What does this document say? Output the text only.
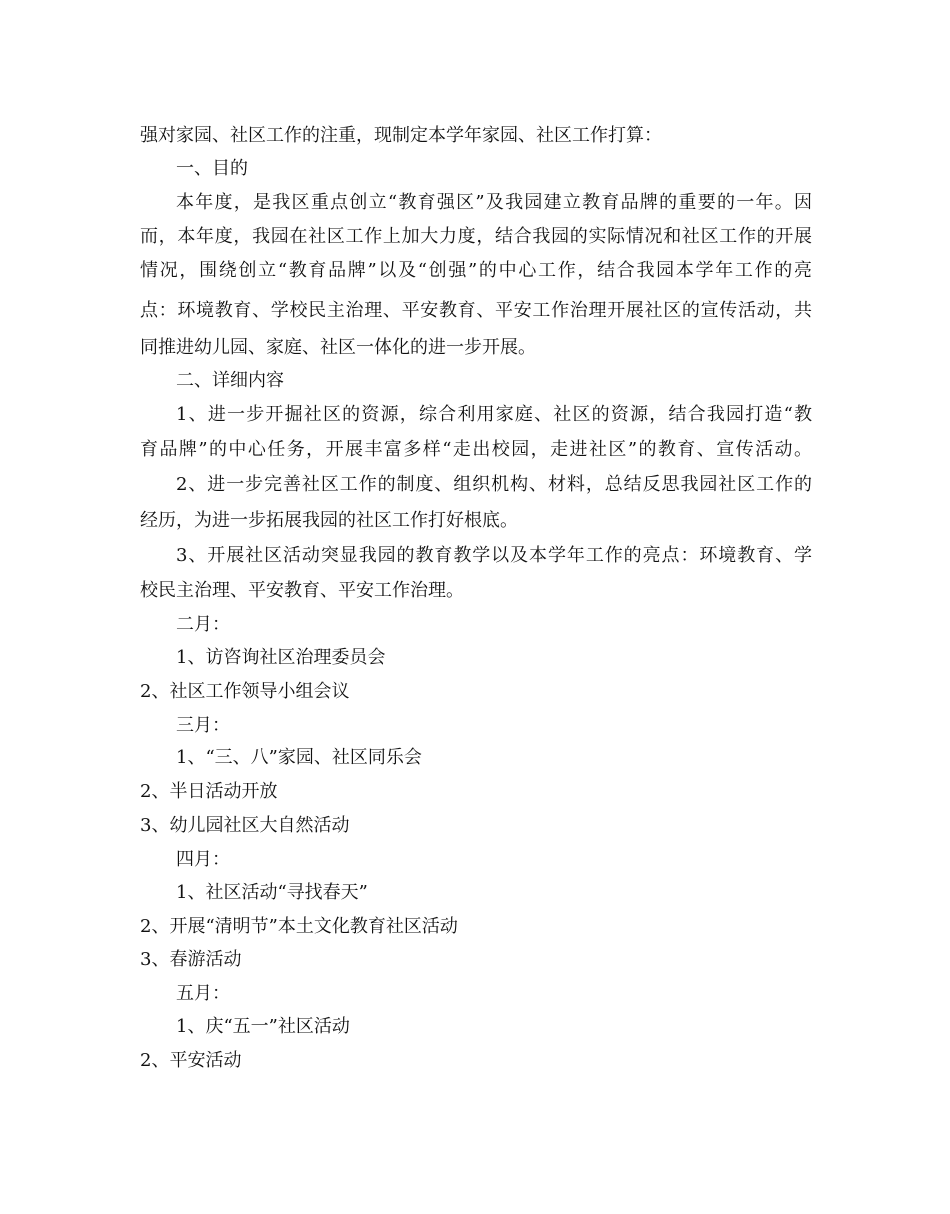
强对家园、社区工作的注重，现制定本学年家园、社区工作打算：
一、目的
本年度，是我区重点创立“教育强区”及我园建立教育品牌的重要的一年。因
而，本年度，我园在社区工作上加大力度，结合我园的实际情况和社区工作的开展
情况，围绕创立“教育品牌”以及“创强”的中心工作，结合我园本学年工作的亮
点：环境教育、学校民主治理、平安教育、平安工作治理开展社区的宣传活动，共
同推进幼儿园、家庭、社区一体化的进一步开展。
二、详细内容
1、进一步开掘社区的资源，综合利用家庭、社区的资源，结合我园打造“教
育品牌”的中心任务，开展丰富多样“走出校园，走进社区”的教育、宣传活动。
2、进一步完善社区工作的制度、组织机构、材料，总结反思我园社区工作的
经历，为进一步拓展我园的社区工作打好根底。
3、开展社区活动突显我园的教育教学以及本学年工作的亮点：环境教育、学
校民主治理、平安教育、平安工作治理。
二月：
1、访咨询社区治理委员会
2、社区工作领导小组会议
三月：
1、“三、八”家园、社区同乐会
2、半日活动开放
3、幼儿园社区大自然活动
四月：
1、社区活动“寻找春天”
2、开展“清明节”本土文化教育社区活动
3、春游活动
五月：
1、庆“五一”社区活动
2、平安活动
